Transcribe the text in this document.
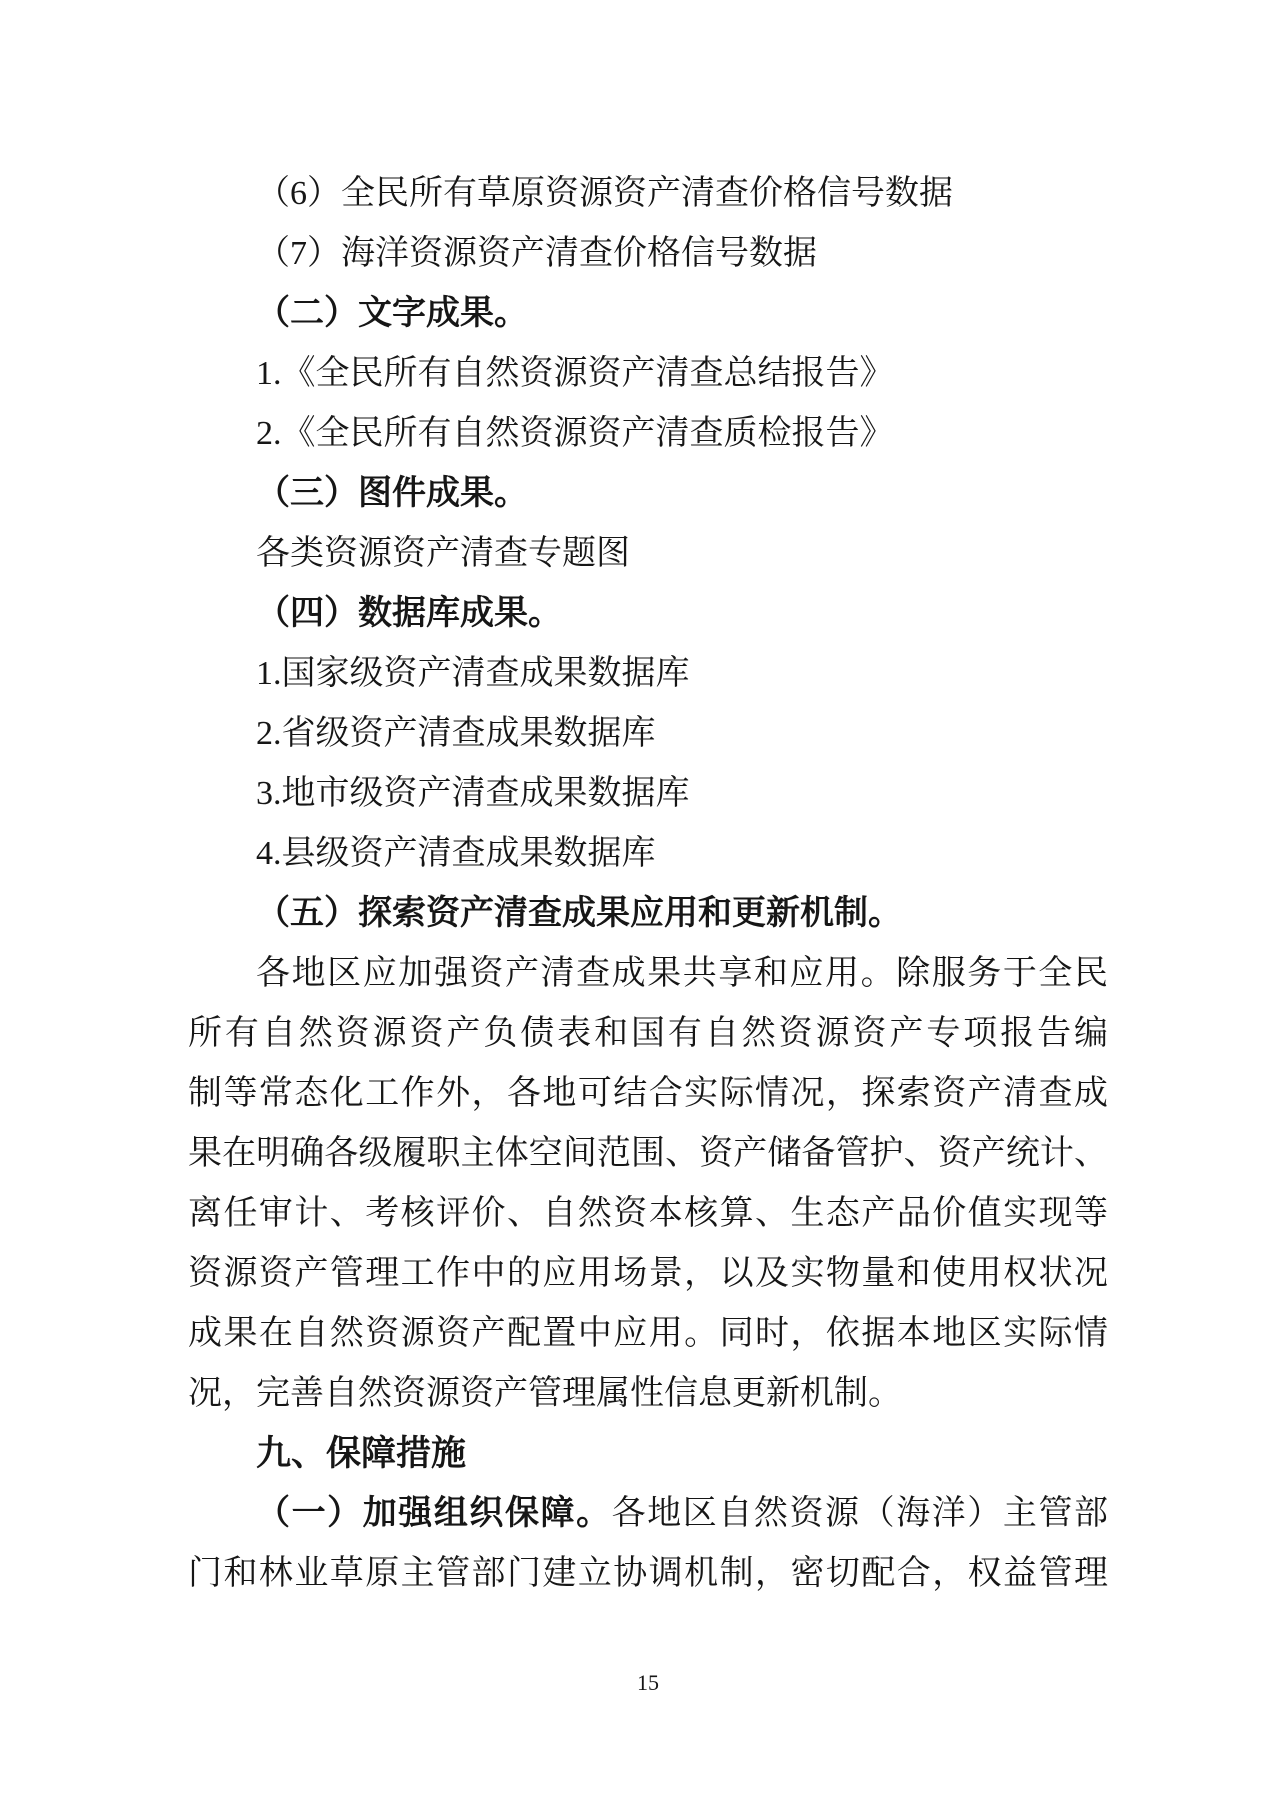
（6）全民所有草原资源资产清查价格信号数据
（7）海洋资源资产清查价格信号数据
（二）文字成果。
1.《全民所有自然资源资产清查总结报告》
2.《全民所有自然资源资产清查质检报告》
（三）图件成果。
各类资源资产清查专题图
（四）数据库成果。
1.国家级资产清查成果数据库
2.省级资产清查成果数据库
3.地市级资产清查成果数据库
4.县级资产清查成果数据库
（五）探索资产清查成果应用和更新机制。
各地区应加强资产清查成果共享和应用。除服务于全民
所有自然资源资产负债表和国有自然资源资产专项报告编
制等常态化工作外，各地可结合实际情况，探索资产清查成
果在明确各级履职主体空间范围、资产储备管护、资产统计、
离任审计、考核评价、自然资本核算、生态产品价值实现等
资源资产管理工作中的应用场景，以及实物量和使用权状况
成果在自然资源资产配置中应用。同时，依据本地区实际情
况，完善自然资源资产管理属性信息更新机制。
九、保障措施
（一）加强组织保障。各地区自然资源（海洋）主管部
门和林业草原主管部门建立协调机制，密切配合，权益管理
15
